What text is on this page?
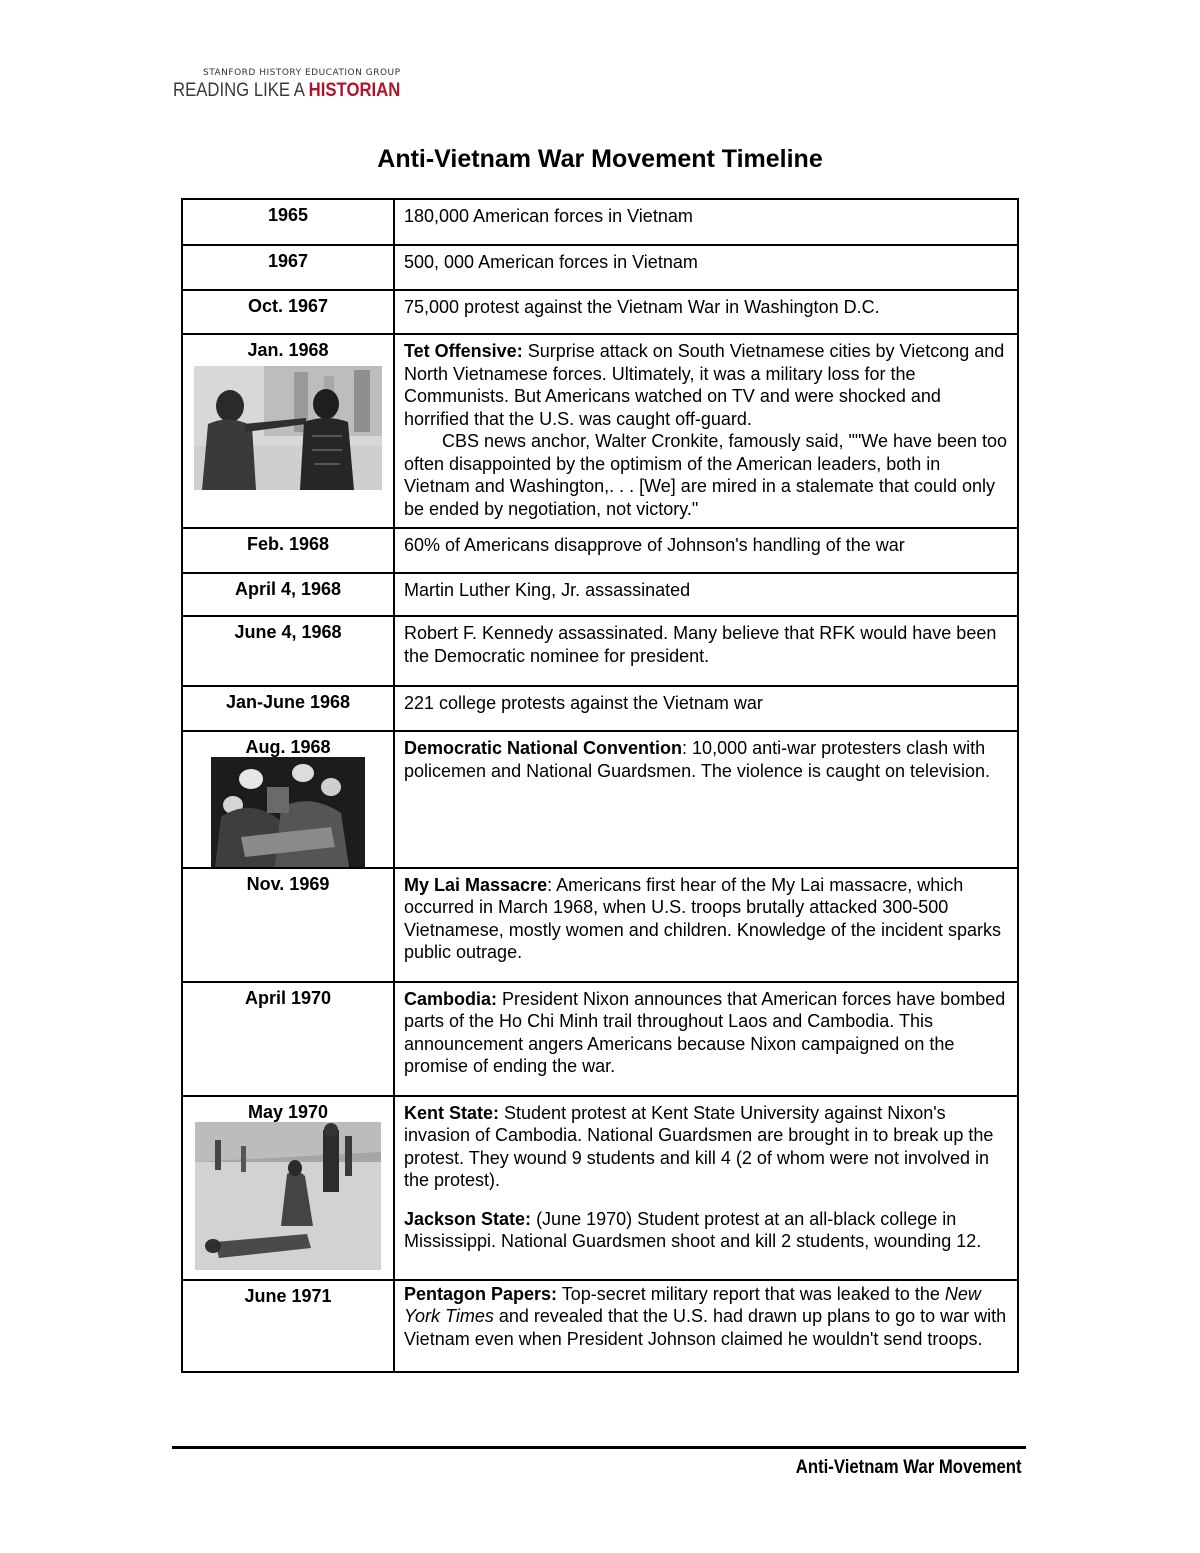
STANFORD HISTORY EDUCATION GROUP
READING LIKE A HISTORIAN
Anti-Vietnam War Movement Timeline
1965	180,000 American forces in Vietnam
1967	500, 000 American forces in Vietnam
Oct. 1967	75,000 protest against the Vietnam War in Washington D.C.

Jan. 1968	Tet Offensive: Surprise attack on South Vietnamese cities by Vietcong and North Vietnamese forces. Ultimately, it was a military loss for the Communists. But Americans watched on TV and were shocked and horrified that the U.S. was caught off-guard.

CBS news anchor, Walter Cronkite, famously said, ""We have been too often disappointed by the optimism of the American leaders, both in Vietnam and Washington,. . . [We] are mired in a stalemate that could only be ended by negotiation, not victory."

Feb. 1968	60% of Americans disapprove of Johnson's handling of the war
April 4, 1968	Martin Luther King, Jr. assassinated
June 4, 1968	Robert F. Kennedy assassinated. Many believe that RFK would have been the Democratic nominee for president.
Jan-June 1968	221 college protests against the Vietnam war

Aug. 1968	Democratic National Convention: 10,000 anti-war protesters clash with policemen and National Guardsmen. The violence is caught on television.

Nov. 1969	My Lai Massacre: Americans first hear of the My Lai massacre, which occurred in March 1968, when U.S. troops brutally attacked 300-500 Vietnamese, mostly women and children. Knowledge of the incident sparks public outrage.

April 1970	Cambodia: President Nixon announces that American forces have bombed parts of the Ho Chi Minh trail throughout Laos and Cambodia. This announcement angers Americans because Nixon campaigned on the promise of ending the war.

May 1970	Kent State: Student protest at Kent State University against Nixon's invasion of Cambodia. National Guardsmen are brought in to break up the protest. They wound 9 students and kill 4 (2 of whom were not involved in the protest).

Jackson State: (June 1970) Student protest at an all-black college in Mississippi. National Guardsmen shoot and kill 2 students, wounding 12.

June 1971	Pentagon Papers: Top-secret military report that was leaked to the New York Times and revealed that the U.S. had drawn up plans to go to war with Vietnam even when President Johnson claimed he wouldn't send troops.

Anti-Vietnam War Movement
